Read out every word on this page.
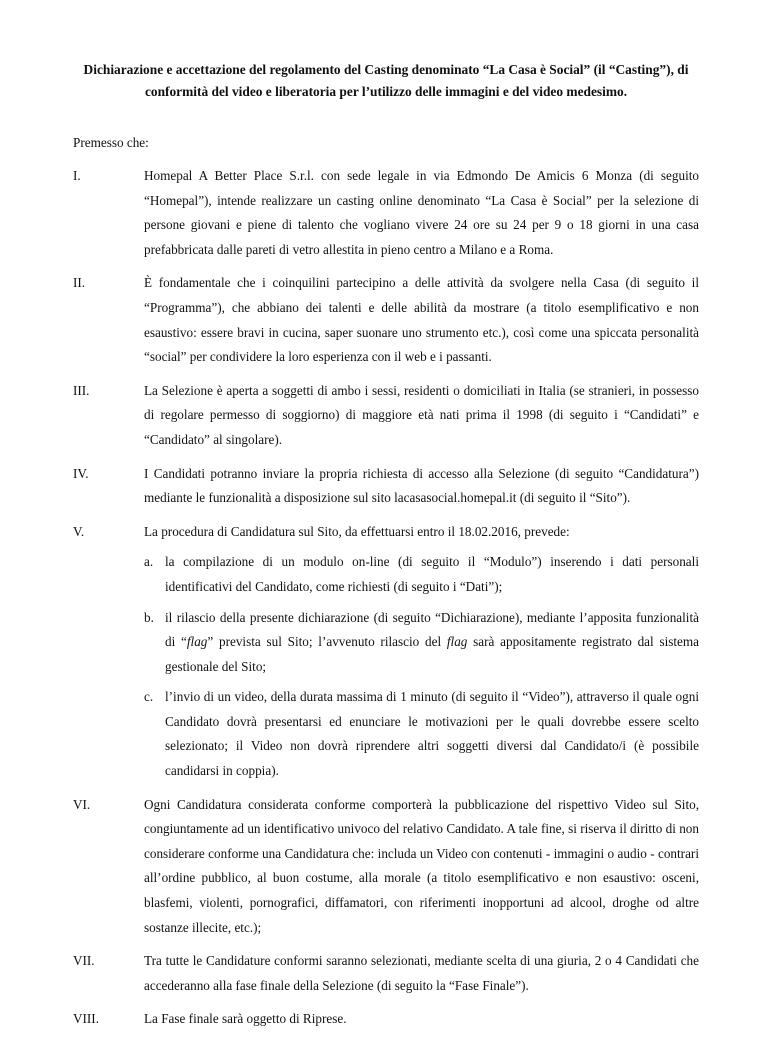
Dichiarazione e accettazione del regolamento del Casting denominato “La Casa è Social” (il “Casting”), di
conformità del video e liberatoria per l’utilizzo delle immagini e del video medesimo.
Premesso che:
I.	Homepal A Better Place S.r.l. con sede legale in via Edmondo De Amicis 6 Monza (di seguito “Homepal”), intende realizzare un casting online denominato “La Casa è Social” per la selezione di persone giovani e piene di talento che vogliano vivere 24 ore su 24 per 9 o 18 giorni in una casa prefabbricata dalle pareti di vetro allestita in pieno centro a Milano e a Roma.
II.	È fondamentale che i coinquilini partecipino a delle attività da svolgere nella Casa (di seguito il “Programma”), che abbiano dei talenti e delle abilità da mostrare (a titolo esemplificativo e non esaustivo: essere bravi in cucina, saper suonare uno strumento etc.), così come una spiccata personalità “social” per condividere la loro esperienza con il web e i passanti.
III.	La Selezione è aperta a soggetti di ambo i sessi, residenti o domiciliati in Italia (se stranieri, in possesso di regolare permesso di soggiorno) di maggiore età nati prima il 1998 (di seguito i “Candidati” e “Candidato” al singolare).
IV.	I Candidati potranno inviare la propria richiesta di accesso alla Selezione (di seguito “Candidatura”) mediante le funzionalità a disposizione sul sito lacasasocial.homepal.it (di seguito il “Sito”).
V.	La procedura di Candidatura sul Sito, da effettuarsi entro il 18.02.2016, prevede:
a. la compilazione di un modulo on-line (di seguito il “Modulo”) inserendo i dati personali identificativi del Candidato, come richiesti (di seguito i “Dati”);
b. il rilascio della presente dichiarazione (di seguito “Dichiarazione), mediante l’apposita funzionalità di “flag” prevista sul Sito; l’avvenuto rilascio del flag sarà appositamente registrato dal sistema gestionale del Sito;
c. l’invio di un video, della durata massima di 1 minuto (di seguito il “Video”), attraverso il quale ogni Candidato dovrà presentarsi ed enunciare le motivazioni per le quali dovrebbe essere scelto selezionato; il Video non dovrà riprendere altri soggetti diversi dal Candidato/i (è possibile candidarsi in coppia).
VI.	Ogni Candidatura considerata conforme comporterà la pubblicazione del rispettivo Video sul Sito, congiuntamente ad un identificativo univoco del relativo Candidato. A tale fine, si riserva il diritto di non considerare conforme una Candidatura che: includa un Video con contenuti - immagini o audio - contrari all’ordine pubblico, al buon costume, alla morale (a titolo esemplificativo e non esaustivo: osceni, blasfemi, violenti, pornografici, diffamatori, con riferimenti inopportuni ad alcool, droghe od altre sostanze illecite, etc.);
VII.	Tra tutte le Candidature conformi saranno selezionati, mediante scelta di una giuria, 2 o 4 Candidati che accederanno alla fase finale della Selezione (di seguito la “Fase Finale”).
VIII.	La Fase finale sarà oggetto di Riprese.
